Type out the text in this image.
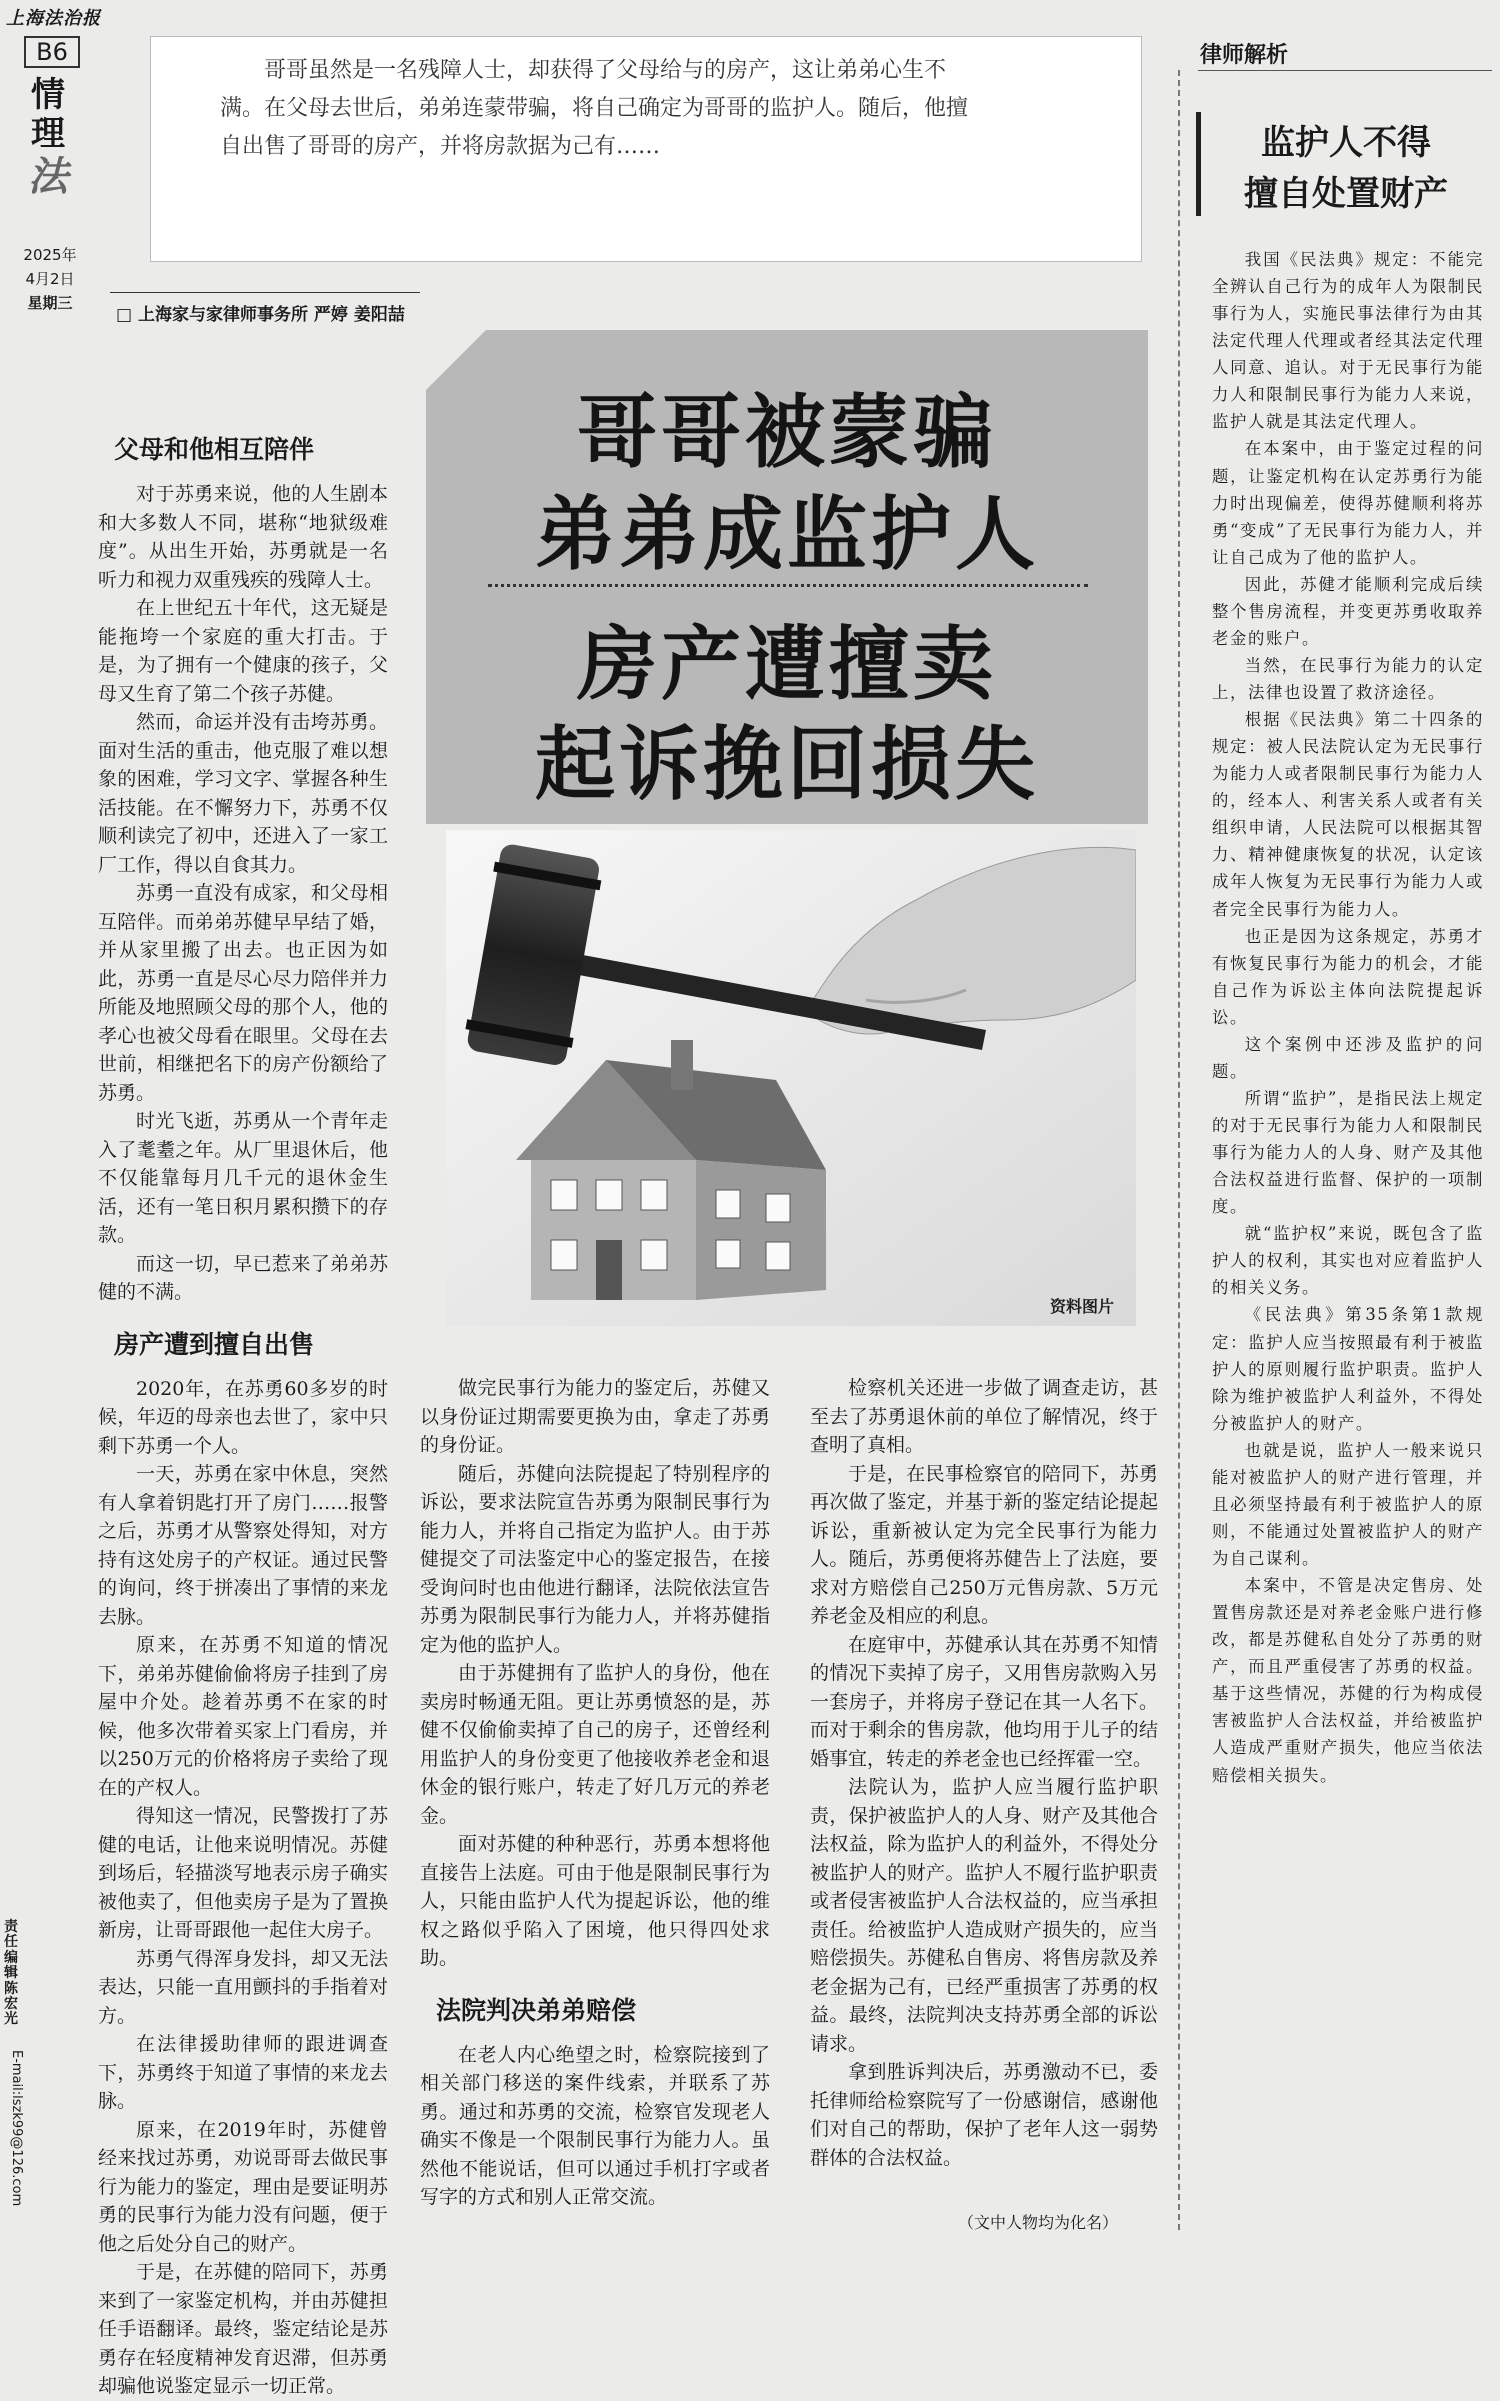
上海法治报
B6
情
理
法
2025年
4月2日
星期三
哥哥虽然是一名残障人士，却获得了父母给与的房产，这让弟弟心生不满。在父母去世后，弟弟连蒙带骗，将自己确定为哥哥的监护人。随后，他擅自出售了哥哥的房产，并将房款据为己有……
□ 上海家与家律师事务所 严婷 姜阳喆
哥哥被蒙骗
弟弟成监护人
房产遭擅卖
起诉挽回损失
资料图片
律师解析
监护人不得
擅自处置财产

我国《民法典》规定：不能完全辨认自己行为的成年人为限制民事行为人，实施民事法律行为由其法定代理人代理或者经其法定代理人同意、追认。对于无民事行为能力人和限制民事行为能力人来说，监护人就是其法定代理人。

在本案中，由于鉴定过程的问题，让鉴定机构在认定苏勇行为能力时出现偏差，使得苏健顺利将苏勇“变成”了无民事行为能力人，并让自己成为了他的监护人。

因此，苏健才能顺利完成后续整个售房流程，并变更苏勇收取养老金的账户。

当然，在民事行为能力的认定上，法律也设置了救济途径。

根据《民法典》第二十四条的规定：被人民法院认定为无民事行为能力人或者限制民事行为能力人的，经本人、利害关系人或者有关组织申请，人民法院可以根据其智力、精神健康恢复的状况，认定该成年人恢复为无民事行为能力人或者完全民事行为能力人。

也正是因为这条规定，苏勇才有恢复民事行为能力的机会，才能自己作为诉讼主体向法院提起诉讼。

这个案例中还涉及监护的问题。

所谓“监护”，是指民法上规定的对于无民事行为能力人和限制民事行为能力人的人身、财产及其他合法权益进行监督、保护的一项制度。

就“监护权”来说，既包含了监护人的权利，其实也对应着监护人的相关义务。

《民法典》第35条第1款规定：监护人应当按照最有利于被监护人的原则履行监护职责。监护人除为维护被监护人利益外，不得处分被监护人的财产。

也就是说，监护人一般来说只能对被监护人的财产进行管理，并且必须坚持最有利于被监护人的原则，不能通过处置被监护人的财产为自己谋利。

本案中，不管是决定售房、处置售房款还是对养老金账户进行修改，都是苏健私自处分了苏勇的财产，而且严重侵害了苏勇的权益。基于这些情况，苏健的行为构成侵害被监护人合法权益，并给被监护人造成严重财产损失，他应当依法赔偿相关损失。

父母和他相互陪伴

对于苏勇来说，他的人生剧本和大多数人不同，堪称“地狱级难度”。从出生开始，苏勇就是一名听力和视力双重残疾的残障人士。

在上世纪五十年代，这无疑是能拖垮一个家庭的重大打击。于是，为了拥有一个健康的孩子，父母又生育了第二个孩子苏健。

然而，命运并没有击垮苏勇。面对生活的重击，他克服了难以想象的困难，学习文字、掌握各种生活技能。在不懈努力下，苏勇不仅顺利读完了初中，还进入了一家工厂工作，得以自食其力。

苏勇一直没有成家，和父母相互陪伴。而弟弟苏健早早结了婚，并从家里搬了出去。也正因为如此，苏勇一直是尽心尽力陪伴并力所能及地照顾父母的那个人，他的孝心也被父母看在眼里。父母在去世前，相继把名下的房产份额给了苏勇。

时光飞逝，苏勇从一个青年走入了耄耋之年。从厂里退休后，他不仅能靠每月几千元的退休金生活，还有一笔日积月累积攒下的存款。

而这一切，早已惹来了弟弟苏健的不满。

房产遭到擅自出售

2020年，在苏勇60多岁的时候，年迈的母亲也去世了，家中只剩下苏勇一个人。

一天，苏勇在家中休息，突然有人拿着钥匙打开了房门……报警之后，苏勇才从警察处得知，对方持有这处房子的产权证。通过民警的询问，终于拼凑出了事情的来龙去脉。

原来，在苏勇不知道的情况下，弟弟苏健偷偷将房子挂到了房屋中介处。趁着苏勇不在家的时候，他多次带着买家上门看房，并以250万元的价格将房子卖给了现在的产权人。

得知这一情况，民警拨打了苏健的电话，让他来说明情况。苏健到场后，轻描淡写地表示房子确实被他卖了，但他卖房子是为了置换新房，让哥哥跟他一起住大房子。

苏勇气得浑身发抖，却又无法表达，只能一直用颤抖的手指着对方。

在法律援助律师的跟进调查下，苏勇终于知道了事情的来龙去脉。

原来，在2019年时，苏健曾经来找过苏勇，劝说哥哥去做民事行为能力的鉴定，理由是要证明苏勇的民事行为能力没有问题，便于他之后处分自己的财产。

于是，在苏健的陪同下，苏勇来到了一家鉴定机构，并由苏健担任手语翻译。最终，鉴定结论是苏勇存在轻度精神发育迟滞，但苏勇却骗他说鉴定显示一切正常。

做完民事行为能力的鉴定后，苏健又以身份证过期需要更换为由，拿走了苏勇的身份证。

随后，苏健向法院提起了特别程序的诉讼，要求法院宣告苏勇为限制民事行为能力人，并将自己指定为监护人。由于苏健提交了司法鉴定中心的鉴定报告，在接受询问时也由他进行翻译，法院依法宣告苏勇为限制民事行为能力人，并将苏健指定为他的监护人。

由于苏健拥有了监护人的身份，他在卖房时畅通无阻。更让苏勇愤怒的是，苏健不仅偷偷卖掉了自己的房子，还曾经利用监护人的身份变更了他接收养老金和退休金的银行账户，转走了好几万元的养老金。

面对苏健的种种恶行，苏勇本想将他直接告上法庭。可由于他是限制民事行为人，只能由监护人代为提起诉讼，他的维权之路似乎陷入了困境，他只得四处求助。

法院判决弟弟赔偿

在老人内心绝望之时，检察院接到了相关部门移送的案件线索，并联系了苏勇。通过和苏勇的交流，检察官发现老人确实不像是一个限制民事行为能力人。虽然他不能说话，但可以通过手机打字或者写字的方式和别人正常交流。

检察机关还进一步做了调查走访，甚至去了苏勇退休前的单位了解情况，终于查明了真相。

于是，在民事检察官的陪同下，苏勇再次做了鉴定，并基于新的鉴定结论提起诉讼，重新被认定为完全民事行为能力人。随后，苏勇便将苏健告上了法庭，要求对方赔偿自己250万元售房款、5万元养老金及相应的利息。

在庭审中，苏健承认其在苏勇不知情的情况下卖掉了房子，又用售房款购入另一套房子，并将房子登记在其一人名下。而对于剩余的售房款，他均用于儿子的结婚事宜，转走的养老金也已经挥霍一空。

法院认为，监护人应当履行监护职责，保护被监护人的人身、财产及其他合法权益，除为监护人的利益外，不得处分被监护人的财产。监护人不履行监护职责或者侵害被监护人合法权益的，应当承担责任。给被监护人造成财产损失的，应当赔偿损失。苏健私自售房、将售房款及养老金据为己有，已经严重损害了苏勇的权益。最终，法院判决支持苏勇全部的诉讼请求。

拿到胜诉判决后，苏勇激动不已，委托律师给检察院写了一份感谢信，感谢他们对自己的帮助，保护了老年人这一弱势群体的合法权益。

（文中人物均为化名）
责任编辑 陈宏光
E-mail:lszk99@126.com
